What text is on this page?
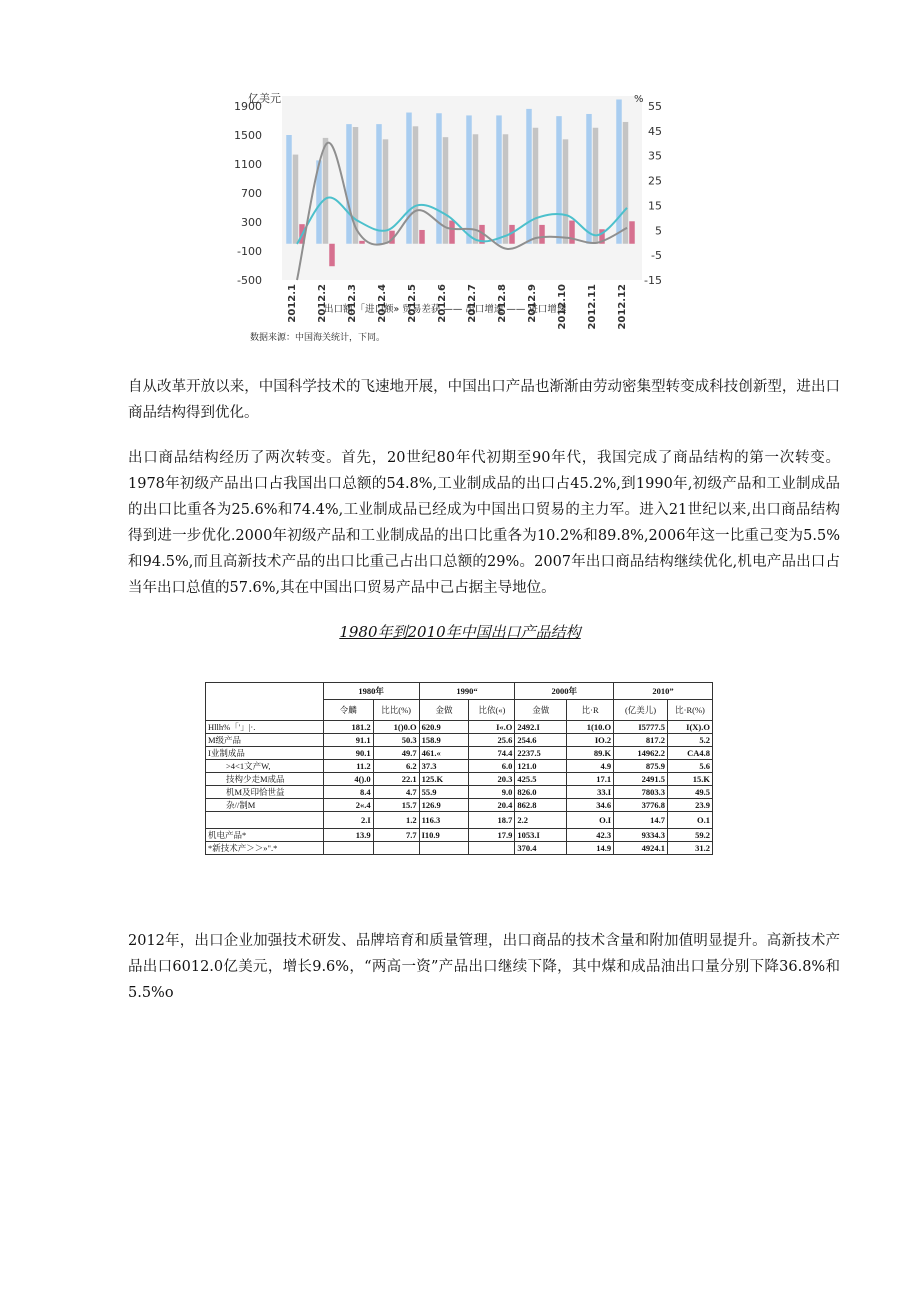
亿美元	%
1900
1500
1100
700
300
-100
-500
55
45
35
25
15
5
-5
-15
2012.1 2012.2 2012.3 2012.4 2012.5 2012.6 2012.7 2012.8 2012.9 2012.10 2012.11 2012.12
出口额 「进口额» 贸易差获 —— 出口增速 —— 进口增速
数据来源：中国海关统计，下同。

自从改革开放以来，中国科学技术的飞速地开展，中国出口产品也渐渐由劳动密集型转变成科技创新型，进出口商品结构得到优化。

出口商品结构经历了两次转变。首先，20世纪80年代初期至90年代，我国完成了商品结构的第一次转变。1978年初级产品出口占我国出口总额的54.8%,工业制成品的出口占45.2%,到1990年,初级产品和工业制成品的出口比重各为25.6%和74.4%,工业制成品已经成为中国出口贸易的主力军。进入21世纪以来,出口商品结构得到进一步优化.2000年初级产品和工业制成品的出口比重各为10.2%和89.8%,2006年这一比重己变为5.5%和94.5%,而且高新技术产品的出口比重己占出口总额的29%。2007年出口商品结构继续优化,机电产品出口占当年出口总值的57.6%,其在中国出口贸易产品中己占据主导地位。

1980年到2010年中国出口产品结构
	1980年		1990“		2000年		2010”	
	令麟	比比(%)	金做	比依(«)	金做	比·R	(亿美儿)	比·R(%)
Hllh%「'」|·.	181.2	1()0.O	620.9	I«.O	2492.I	1(10.O	I5777.5	I(X).O
M级产品	91.1	50.3	158.9	25.6	254.6	IO.2	817.2	5.2
I业制成品	90.1	49.7	461.«	74.4	2237.5	89.K	14962.2	CA4.8
>4<1文产W,	11.2	6.2	37.3	6.0	121.0	4.9	875.9	5.6
技构少走M成品	4().0	22.1	125.K	20.3	425.5	17.1	2491.5	15.K
机M及印恰世益	8.4	4.7	55.9	9.0	826.0	33.I	7803.3	49.5
杂//制M	2«.4	15.7	126.9	20.4	862.8	34.6	3776.8	23.9
	2.I	1.2	116.3	18.7	2.2	O.I	14.7	O.1
机电产品*	13.9	7.7	I10.9	17.9	1053.I	42.3	9334.3	59.2
*新技术产＞＞»".*					370.4	14.9	4924.1	31.2

2012年，出口企业加强技术研发、品牌培育和质量管理，出口商品的技术含量和附加值明显提升。高新技术产品出口6012.0亿美元，增长9.6%，“两高一资”产品出口继续下降，其中煤和成品油出口量分别下降36.8%和5.5%o
